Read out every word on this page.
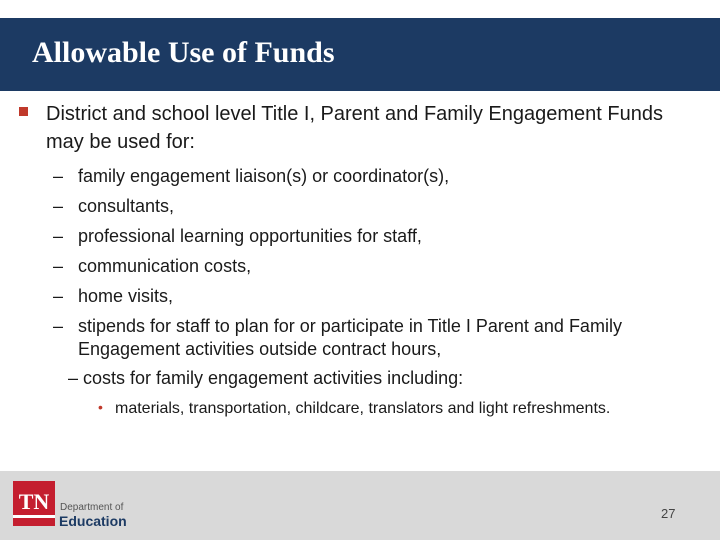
Allowable Use of Funds
District and school level Title I, Parent and Family Engagement Funds may be used for:
– family engagement liaison(s) or coordinator(s),
– consultants,
– professional learning opportunities for staff,
– communication costs,
– home visits,
– stipends for staff to plan for or participate in Title I Parent and Family Engagement activities outside contract hours,
– costs for family engagement activities including:
• materials, transportation, childcare, translators and light refreshments.
TN	Department of
Education	27
